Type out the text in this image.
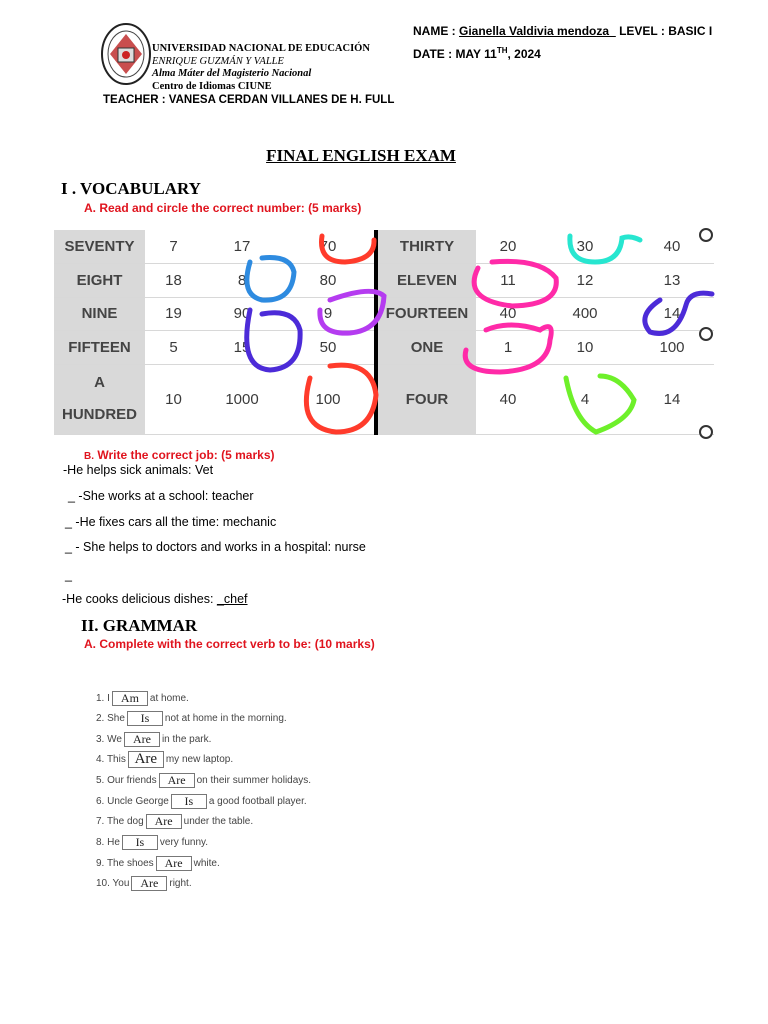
UNIVERSIDAD NACIONAL DE EDUCACIÓN
ENRIQUE GUZMÁN Y VALLE
Alma Máter del Magisterio Nacional
Centro de Idiomas CIUNE
TEACHER : VANESA CERDAN VILLANES DE H. FULL
NAME : Gianella Valdivia mendoza_ LEVEL : BASIC I
DATE : MAY 11TH, 2024
FINAL ENGLISH EXAM
I . VOCABULARY
A. Read and circle the correct number: (5 marks)
SEVENTY	7	17	70	THIRTY	20	30	40
EIGHT	18	8	80	ELEVEN	11	12	13
NINE	19	90	9	FOURTEEN	40	400	14
FIFTEEN	5	15	50	ONE	1	10	100

A
HUNDRED	10	1000	100	FOUR	40	4	14
B. Write the correct job: (5 marks)
-He helps sick animals: Vet
_ -She works at a school: teacher
_ -He fixes cars all the time: mechanic
_ - She helps to doctors and works in a hospital: nurse
_
-He cooks delicious dishes: _chef
II. GRAMMAR
A. Complete with the correct verb to be: (10 marks)
1. I Am at home.
2. She Is not at home in the morning.
3. We Are in the park.
4. This Are my new laptop.
5. Our friends Are on their summer holidays.
6. Uncle George Is a good football player.
7. The dog Are under the table.
8. He Is very funny.
9. The shoes Are white.
10. You Are right.
